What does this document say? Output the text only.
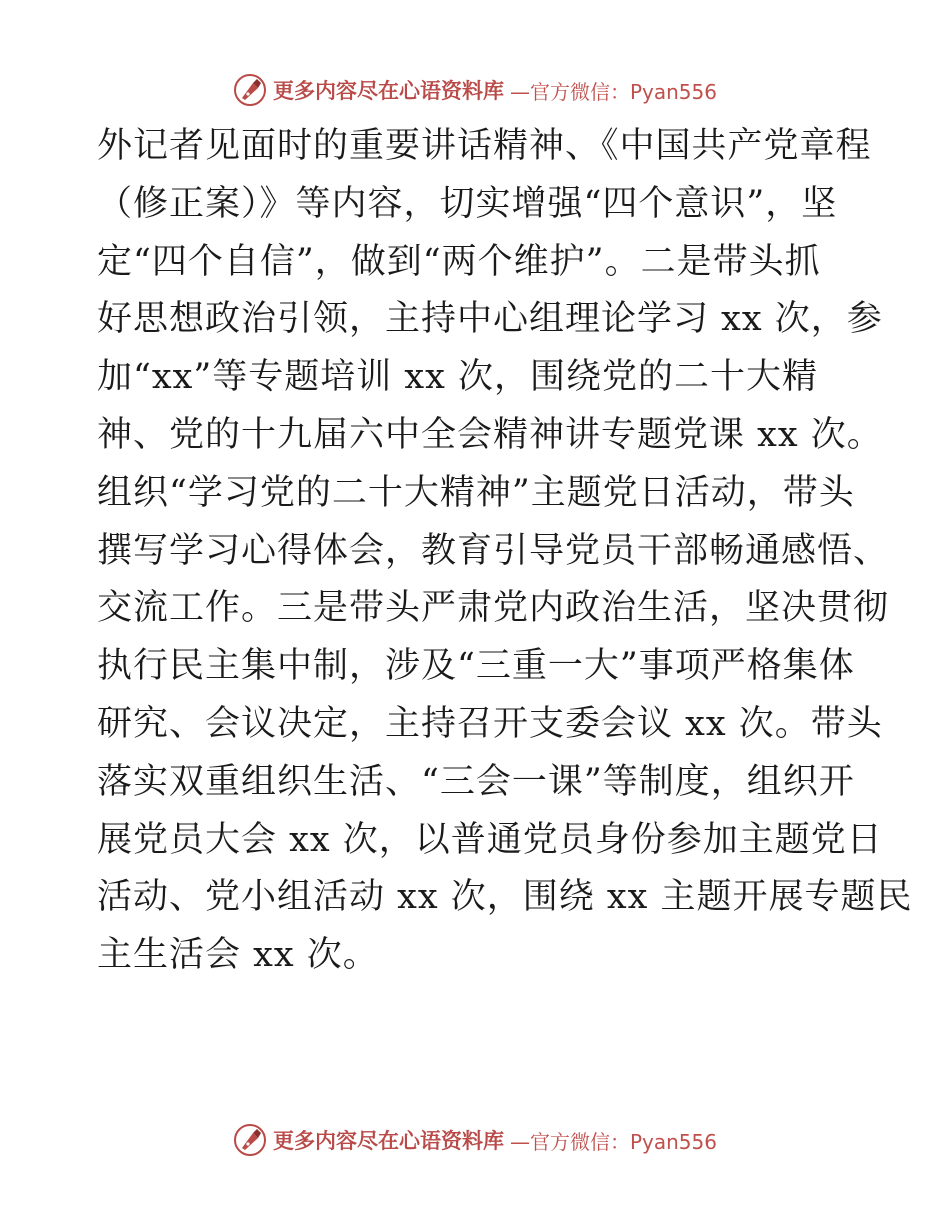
更多内容尽在心语资料库 —官方微信：Pyan556
外记者见面时的重要讲话精神、《中国共产党章程
（修正案）》等内容，切实增强“四个意识”，坚
定“四个自信”，做到“两个维护”。二是带头抓
好思想政治引领，主持中心组理论学习 xx 次，参
加“xx”等专题培训 xx 次，围绕党的二十大精
神、党的十九届六中全会精神讲专题党课 xx 次。
组织“学习党的二十大精神”主题党日活动，带头
撰写学习心得体会，教育引导党员干部畅通感悟、
交流工作。三是带头严肃党内政治生活，坚决贯彻
执行民主集中制，涉及“三重一大”事项严格集体
研究、会议决定，主持召开支委会议 xx 次。带头
落实双重组织生活、“三会一课”等制度，组织开
展党员大会 xx 次，以普通党员身份参加主题党日
活动、党小组活动 xx 次，围绕 xx 主题开展专题民
主生活会 xx 次。
更多内容尽在心语资料库 —官方微信：Pyan556
